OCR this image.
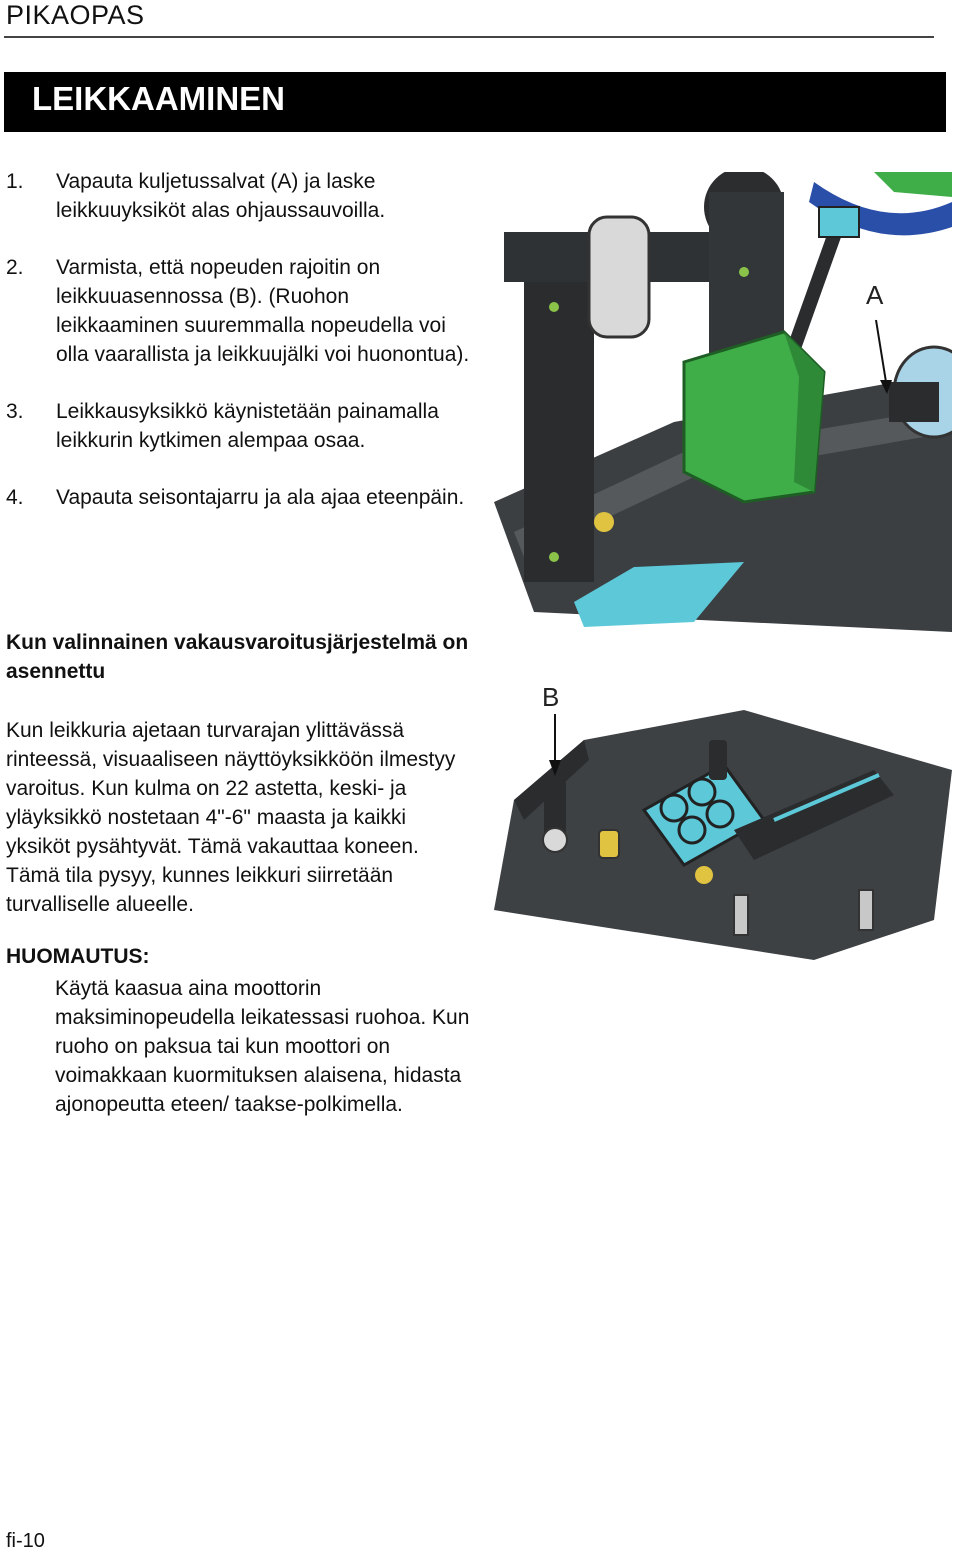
PIKAOPAS
LEIKKAAMINEN
1. Vapauta kuljetussalvat (A) ja laske leikkuuyksiköt alas ohjaussauvoilla.
2. Varmista, että nopeuden rajoitin on leikkuuasennossa (B). (Ruohon leikkaaminen suuremmalla nopeudella voi olla vaarallista ja leikkuujälki voi huonontua).
3. Leikkausyksikkö käynistetään painamalla leikkurin kytkimen alempaa osaa.
4. Vapauta seisontajarru ja ala ajaa eteenpäin.
Kun valinnainen vakausvaroitusjärjestelmä on asennettu
Kun leikkuria ajetaan turvarajan ylittävässä rinteessä, visuaaliseen näyttöyksikköön ilmestyy varoitus. Kun kulma on 22 astetta, keski- ja yläyksikkö nostetaan 4"-6" maasta ja kaikki yksiköt pysähtyvät. Tämä vakauttaa koneen. Tämä tila pysyy, kunnes leikkuri siirretään turvalliselle alueelle.
HUOMAUTUS:
Käytä kaasua aina moottorin maksiminopeudella leikatessasi ruohoa. Kun ruoho on paksua tai kun moottori on voimakkaan kuormituksen alaisena, hidasta ajonopeutta eteen/ taakse-polkimella.
A
B
fi-10
